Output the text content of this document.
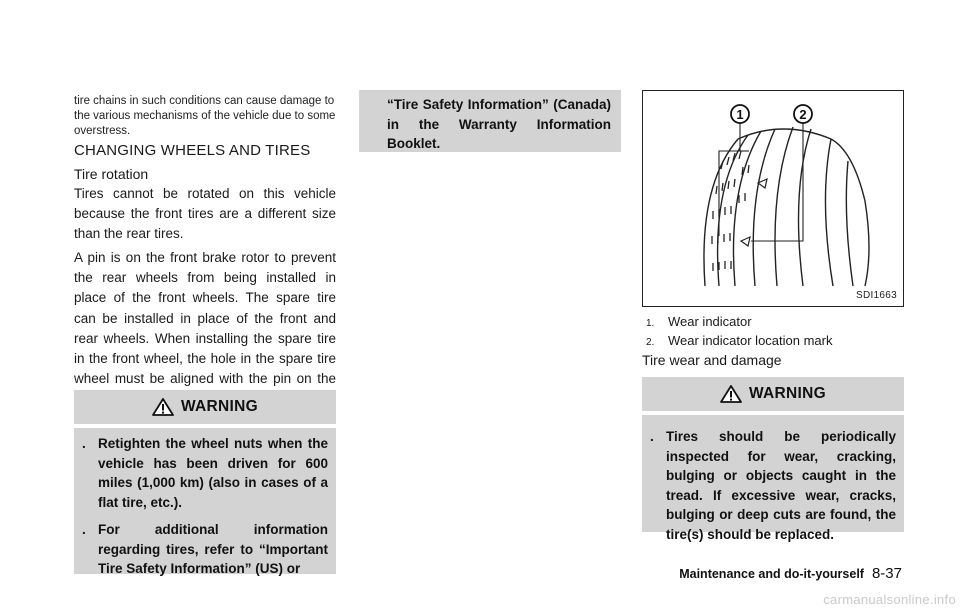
tire chains in such conditions can cause damage to the various mechanisms of the vehicle due to some overstress.
CHANGING WHEELS AND TIRES
Tire rotation
Tires cannot be rotated on this vehicle because the front tires are a different size than the rear tires.
A pin is on the front brake rotor to prevent the rear wheels from being installed in place of the front wheels. The spare tire can be installed in place of the front and rear wheels. When installing the spare tire in the front wheel, the hole in the spare tire wheel must be aligned with the pin on the
WARNING
. Retighten the wheel nuts when the vehicle has been driven for 600 miles (1,000 km) (also in cases of a flat tire, etc.).
. For additional information regarding tires, refer to “Important Tire Safety Information” (US) or
“Tire Safety Information” (Canada) in the Warranty Information Booklet.
1	2
SDI1663
1.	Wear indicator
2.	Wear indicator location mark
Tire wear and damage
WARNING
. Tires should be periodically inspected for wear, cracking, bulging or objects caught in the tread. If excessive wear, cracks, bulging or deep cuts are found, the tire(s) should be replaced.
Maintenance and do-it-yourself 8-37
carmanualsonline.info
